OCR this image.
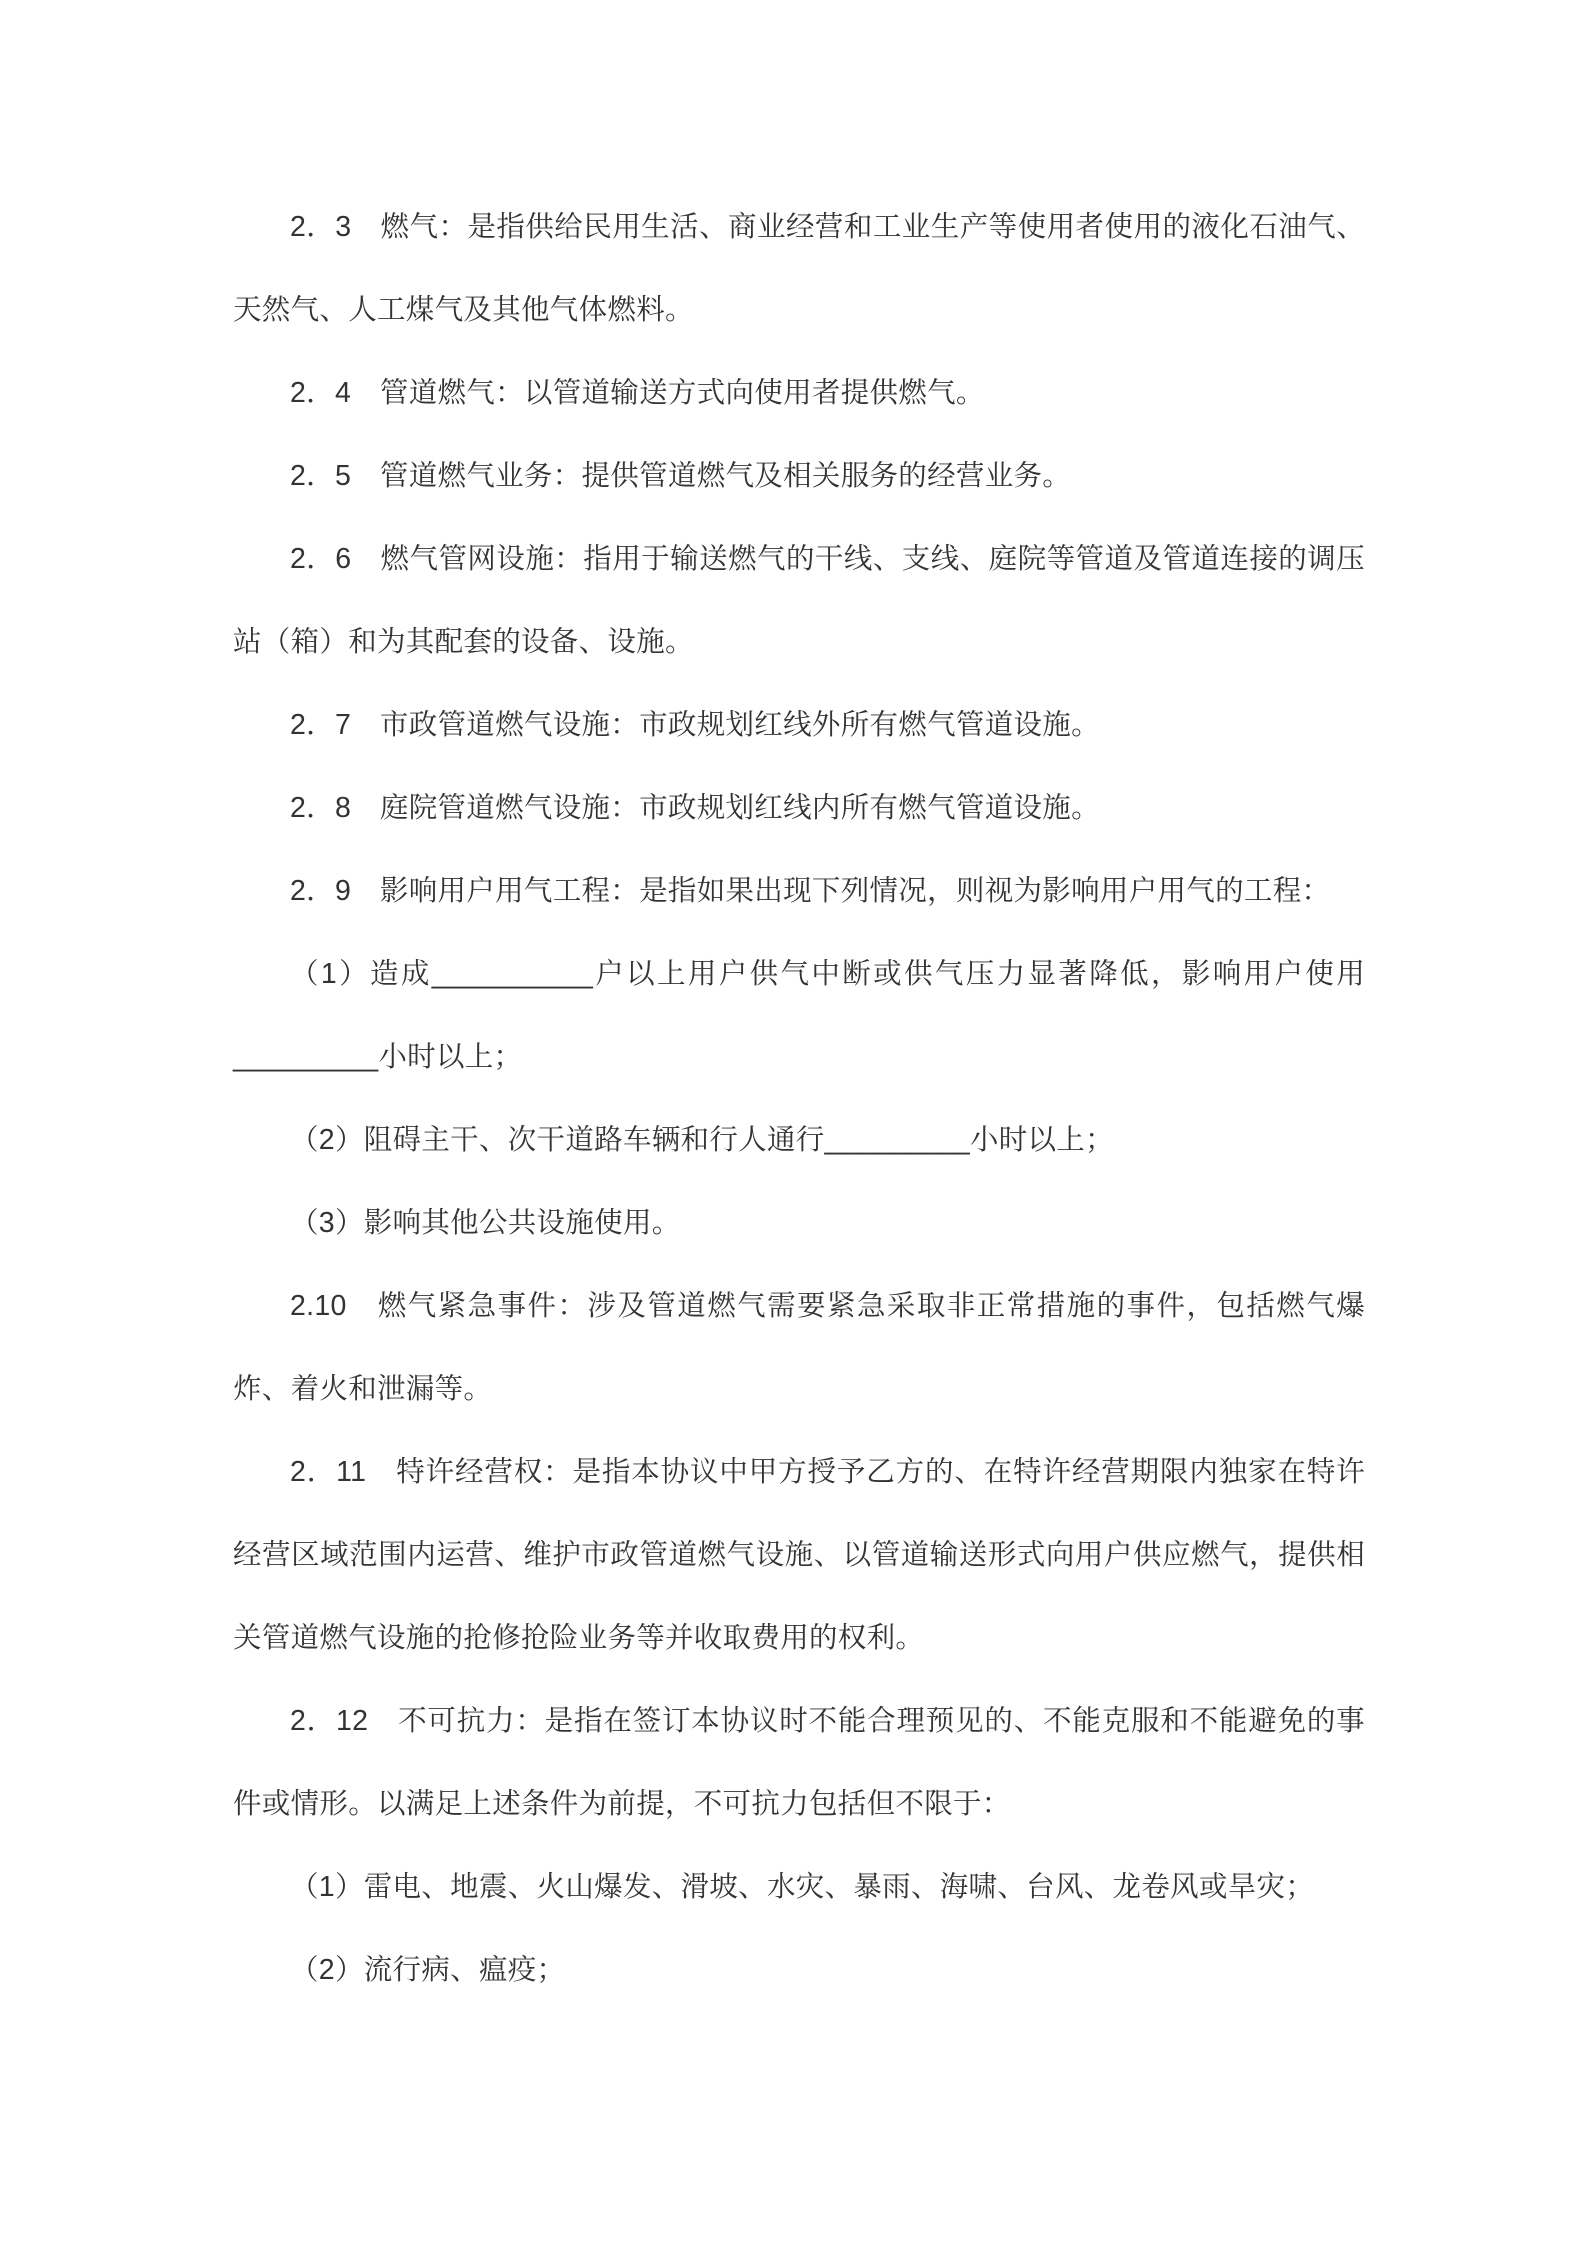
2．3　燃气：是指供给民用生活、商业经营和工业生产等使用者使用的液化石油气、天然气、人工煤气及其他气体燃料。

2．4　管道燃气：以管道输送方式向使用者提供燃气。

2．5　管道燃气业务：提供管道燃气及相关服务的经营业务。

2．6　燃气管网设施：指用于输送燃气的干线、支线、庭院等管道及管道连接的调压站（箱）和为其配套的设备、设施。

2．7　市政管道燃气设施：市政规划红线外所有燃气管道设施。

2．8　庭院管道燃气设施：市政规划红线内所有燃气管道设施。

2．9　影响用户用气工程：是指如果出现下列情况，则视为影响用户用气的工程：

（1）造成__________户以上用户供气中断或供气压力显著降低，影响用户使用_________小时以上；

（2）阻碍主干、次干道路车辆和行人通行_________小时以上；

（3）影响其他公共设施使用。

2.10　燃气紧急事件：涉及管道燃气需要紧急采取非正常措施的事件，包括燃气爆炸、着火和泄漏等。

2．11　特许经营权：是指本协议中甲方授予乙方的、在特许经营期限内独家在特许经营区域范围内运营、维护市政管道燃气设施、以管道输送形式向用户供应燃气，提供相关管道燃气设施的抢修抢险业务等并收取费用的权利。

2．12　不可抗力：是指在签订本协议时不能合理预见的、不能克服和不能避免的事件或情形。以满足上述条件为前提，不可抗力包括但不限于：

（1）雷电、地震、火山爆发、滑坡、水灾、暴雨、海啸、台风、龙卷风或旱灾；

（2）流行病、瘟疫；
